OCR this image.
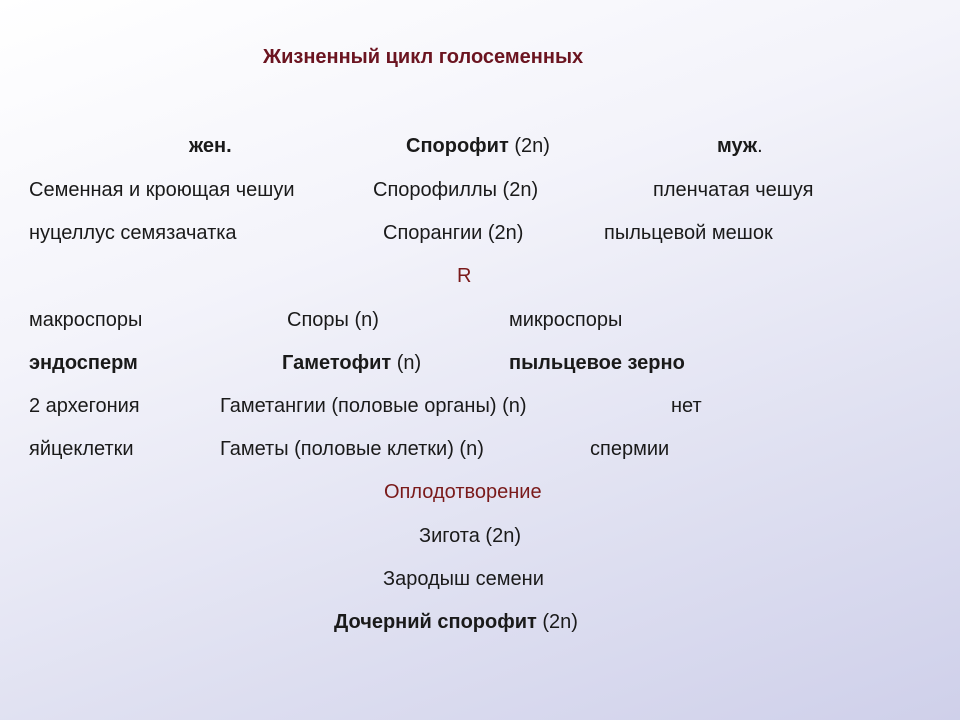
Жизненный цикл голосеменных
жен.	Спорофит (2n)	муж.
Семенная и кроющая чешуи	Спорофиллы (2n)	пленчатая чешуя
нуцеллус семязачатка	Спорангии (2n)	пыльцевой мешок
R
макроспоры	Споры (n)	микроспоры
эндосперм	Гаметофит (n)	пыльцевое зерно
2 архегония	Гаметангии (половые органы) (n)	нет
яйцеклетки	Гаметы (половые клетки) (n)	спермии
Оплодотворение
Зигота (2n)
Зародыш семени
Дочерний спорофит (2n)
